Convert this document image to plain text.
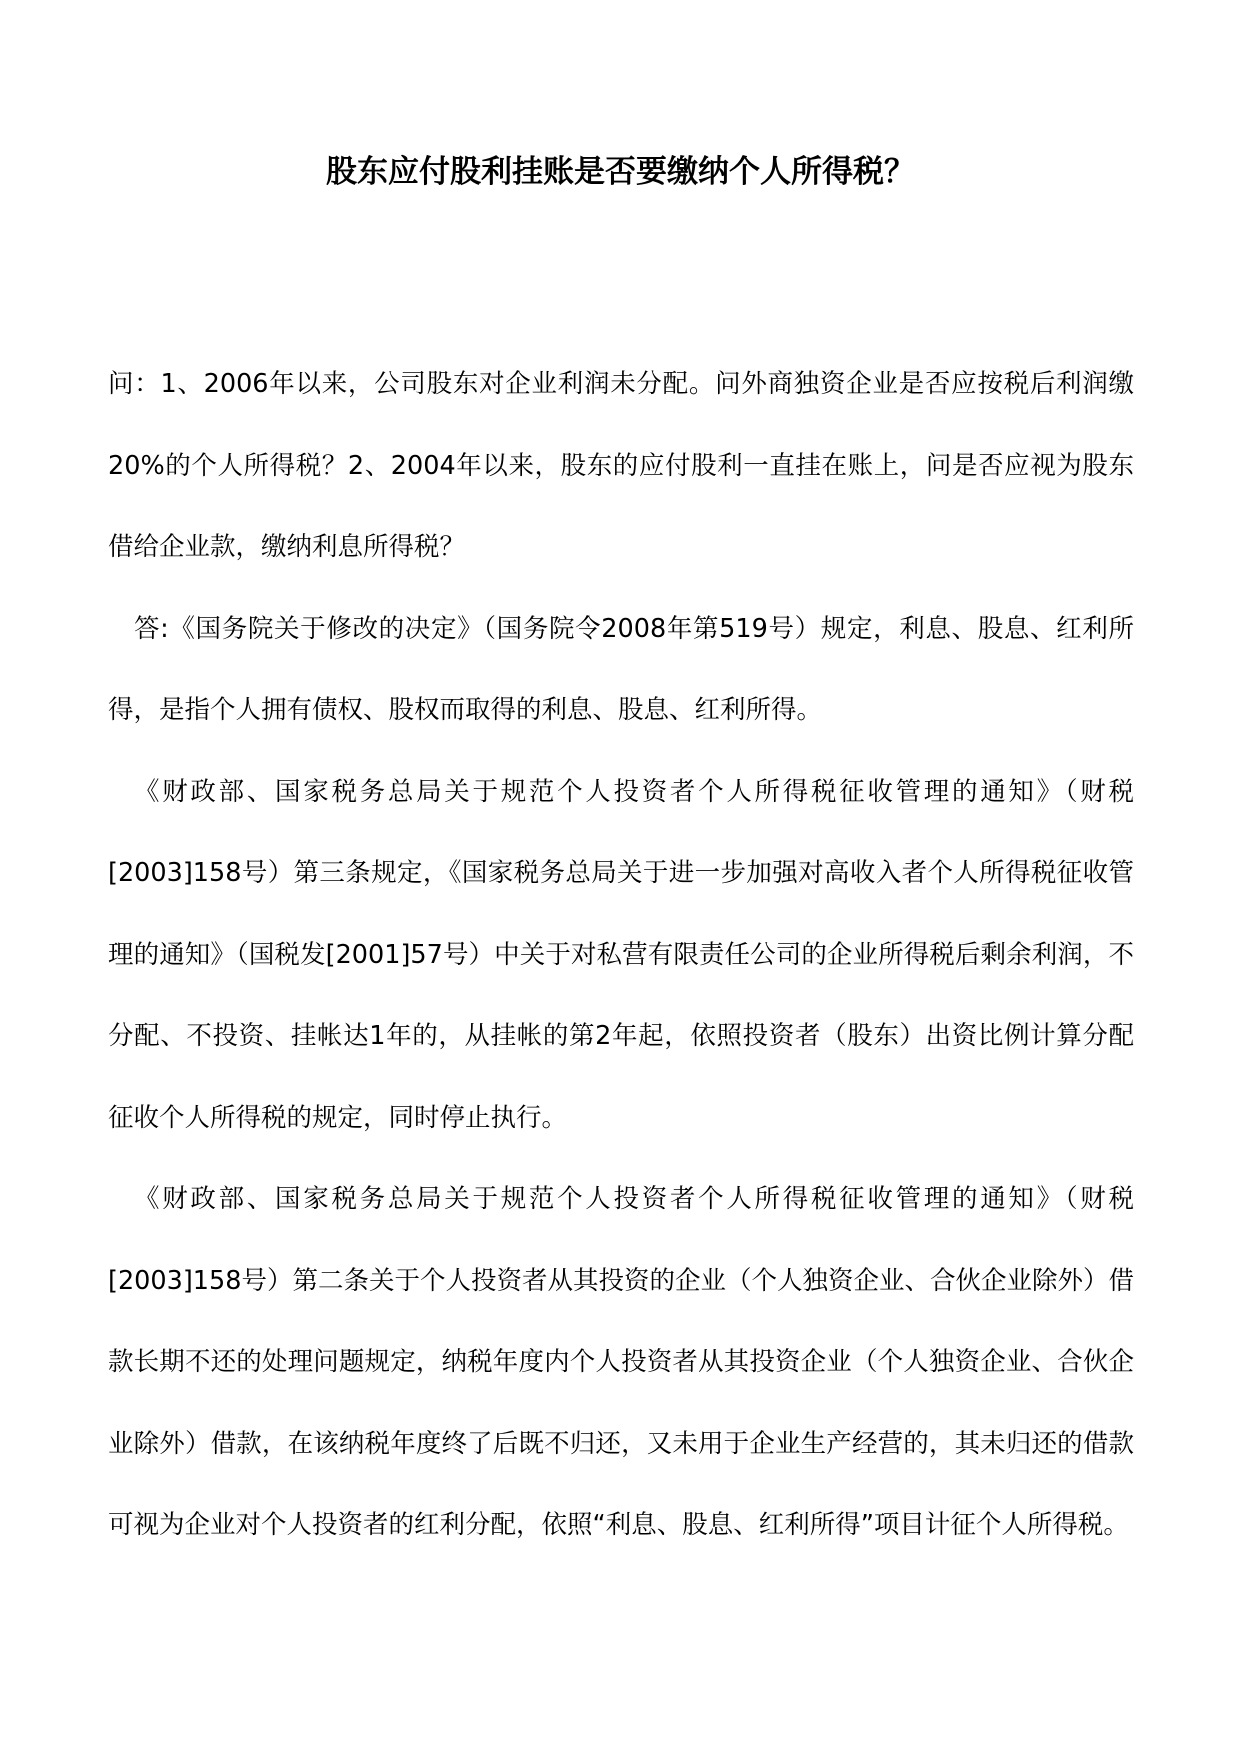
股东应付股利挂账是否要缴纳个人所得税？

问：1、2006年以来，公司股东对企业利润未分配。问外商独资企业是否应按税后利润缴20%的个人所得税？2、2004年以来，股东的应付股利一直挂在账上，问是否应视为股东借给企业款，缴纳利息所得税？

答:《国务院关于修改的决定》（国务院令2008年第519号）规定，利息、股息、红利所得，是指个人拥有债权、股权而取得的利息、股息、红利所得。

《财政部、国家税务总局关于规范个人投资者个人所得税征收管理的通知》（财税[2003]158号）第三条规定，《国家税务总局关于进一步加强对高收入者个人所得税征收管理的通知》（国税发[2001]57号）中关于对私营有限责任公司的企业所得税后剩余利润，不分配、不投资、挂帐达1年的，从挂帐的第2年起，依照投资者（股东）出资比例计算分配征收个人所得税的规定，同时停止执行。

《财政部、国家税务总局关于规范个人投资者个人所得税征收管理的通知》（财税[2003]158号）第二条关于个人投资者从其投资的企业（个人独资企业、合伙企业除外）借款长期不还的处理问题规定，纳税年度内个人投资者从其投资企业（个人独资企业、合伙企业除外）借款，在该纳税年度终了后既不归还，又未用于企业生产经营的，其未归还的借款可视为企业对个人投资者的红利分配，依照“利息、股息、红利所得”项目计征个人所得税。
